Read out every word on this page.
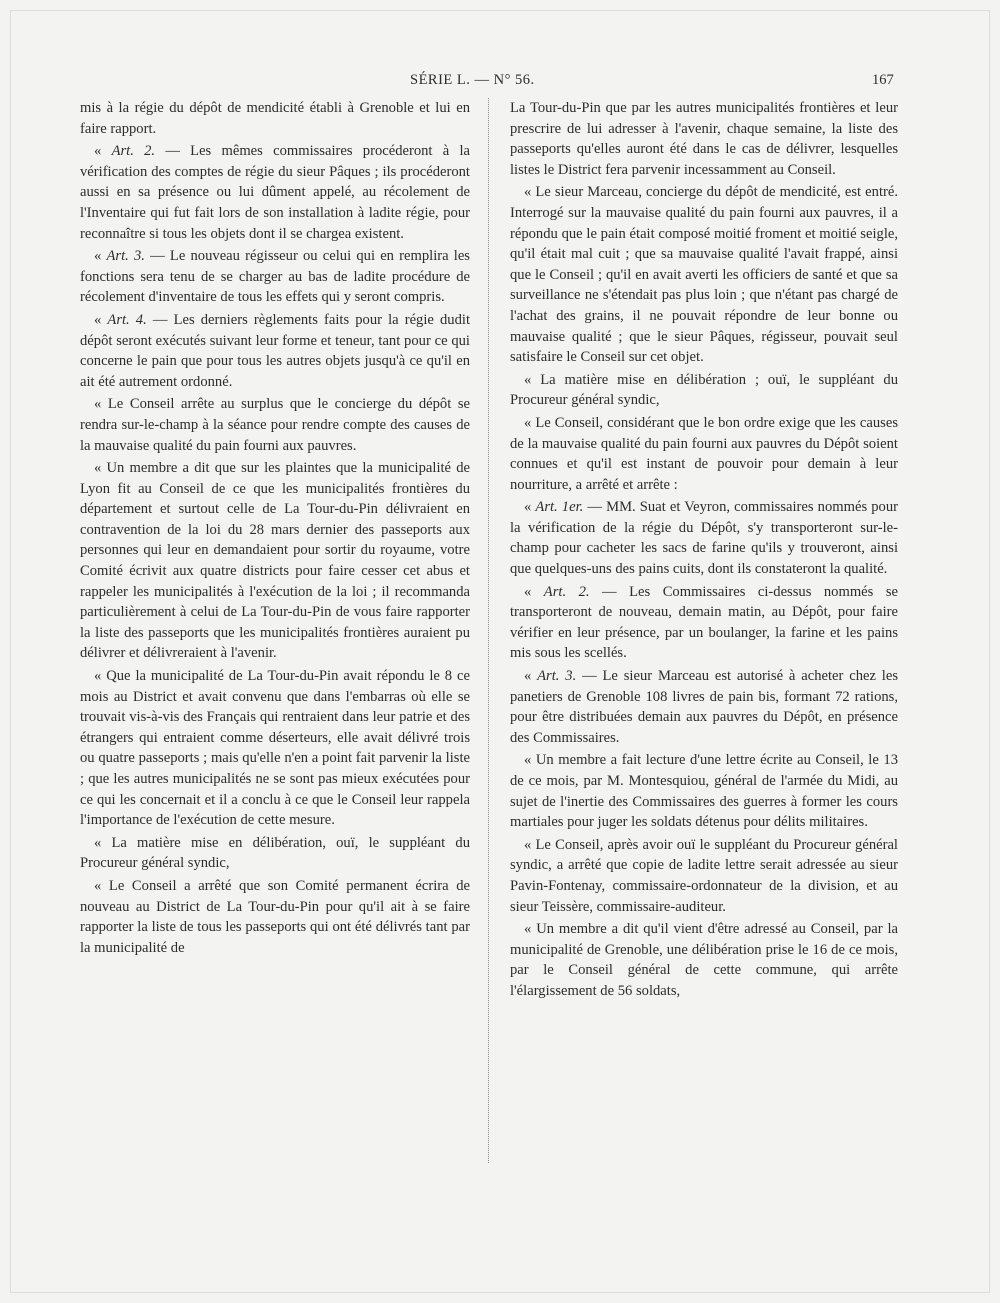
SÉRIE L. — N° 56.	167

mis à la régie du dépôt de mendicité établi à Grenoble et lui en faire rapport.

« Art. 2. — Les mêmes commissaires procéderont à la vérification des comptes de régie du sieur Pâques ; ils procéderont aussi en sa présence ou lui dûment appelé, au récolement de l'Inventaire qui fut fait lors de son installation à ladite régie, pour reconnaître si tous les objets dont il se chargea existent.

« Art. 3. — Le nouveau régisseur ou celui qui en remplira les fonctions sera tenu de se charger au bas de ladite procédure de récolement d'inventaire de tous les effets qui y seront compris.

« Art. 4. — Les derniers règlements faits pour la régie dudit dépôt seront exécutés suivant leur forme et teneur, tant pour ce qui concerne le pain que pour tous les autres objets jusqu'à ce qu'il en ait été autrement ordonné.

« Le Conseil arrête au surplus que le concierge du dépôt se rendra sur-le-champ à la séance pour rendre compte des causes de la mauvaise qualité du pain fourni aux pauvres.

« Un membre a dit que sur les plaintes que la municipalité de Lyon fit au Conseil de ce que les municipalités frontières du département et surtout celle de La Tour-du-Pin délivraient en contravention de la loi du 28 mars dernier des passeports aux personnes qui leur en demandaient pour sortir du royaume, votre Comité écrivit aux quatre districts pour faire cesser cet abus et rappeler les municipalités à l'exécution de la loi ; il recommanda particulièrement à celui de La Tour-du-Pin de vous faire rapporter la liste des passeports que les municipalités frontières auraient pu délivrer et délivreraient à l'avenir.

« Que la municipalité de La Tour-du-Pin avait répondu le 8 ce mois au District et avait convenu que dans l'embarras où elle se trouvait vis-à-vis des Français qui rentraient dans leur patrie et des étrangers qui entraient comme déserteurs, elle avait délivré trois ou quatre passeports ; mais qu'elle n'en a point fait parvenir la liste ; que les autres municipalités ne se sont pas mieux exécutées pour ce qui les concernait et il a conclu à ce que le Conseil leur rappela l'importance de l'exécution de cette mesure.

« La matière mise en délibération, ouï, le suppléant du Procureur général syndic,

« Le Conseil a arrêté que son Comité permanent écrira de nouveau au District de La Tour-du-Pin pour qu'il ait à se faire rapporter la liste de tous les passeports qui ont été délivrés tant par la municipalité de

La Tour-du-Pin que par les autres municipalités frontières et leur prescrire de lui adresser à l'avenir, chaque semaine, la liste des passeports qu'elles auront été dans le cas de délivrer, lesquelles listes le District fera parvenir incessamment au Conseil.

« Le sieur Marceau, concierge du dépôt de mendicité, est entré. Interrogé sur la mauvaise qualité du pain fourni aux pauvres, il a répondu que le pain était composé moitié froment et moitié seigle, qu'il était mal cuit ; que sa mauvaise qualité l'avait frappé, ainsi que le Conseil ; qu'il en avait averti les officiers de santé et que sa surveillance ne s'étendait pas plus loin ; que n'étant pas chargé de l'achat des grains, il ne pouvait répondre de leur bonne ou mauvaise qualité ; que le sieur Pâques, régisseur, pouvait seul satisfaire le Conseil sur cet objet.

« La matière mise en délibération ; ouï, le suppléant du Procureur général syndic,

« Le Conseil, considérant que le bon ordre exige que les causes de la mauvaise qualité du pain fourni aux pauvres du Dépôt soient connues et qu'il est instant de pouvoir pour demain à leur nourriture, a arrêté et arrête :

« Art. 1er. — MM. Suat et Veyron, commissaires nommés pour la vérification de la régie du Dépôt, s'y transporteront sur-le-champ pour cacheter les sacs de farine qu'ils y trouveront, ainsi que quelques-uns des pains cuits, dont ils constateront la qualité.

« Art. 2. — Les Commissaires ci-dessus nommés se transporteront de nouveau, demain matin, au Dépôt, pour faire vérifier en leur présence, par un boulanger, la farine et les pains mis sous les scellés.

« Art. 3. — Le sieur Marceau est autorisé à acheter chez les panetiers de Grenoble 108 livres de pain bis, formant 72 rations, pour être distribuées demain aux pauvres du Dépôt, en présence des Commissaires.

« Un membre a fait lecture d'une lettre écrite au Conseil, le 13 de ce mois, par M. Montesquiou, général de l'armée du Midi, au sujet de l'inertie des Commissaires des guerres à former les cours martiales pour juger les soldats détenus pour délits militaires.

« Le Conseil, après avoir ouï le suppléant du Procureur général syndic, a arrêté que copie de ladite lettre serait adressée au sieur Pavin-Fontenay, commissaire-ordonnateur de la division, et au sieur Teissère, commissaire-auditeur.

« Un membre a dit qu'il vient d'être adressé au Conseil, par la municipalité de Grenoble, une délibération prise le 16 de ce mois, par le Conseil général de cette commune, qui arrête l'élargissement de 56 soldats,
